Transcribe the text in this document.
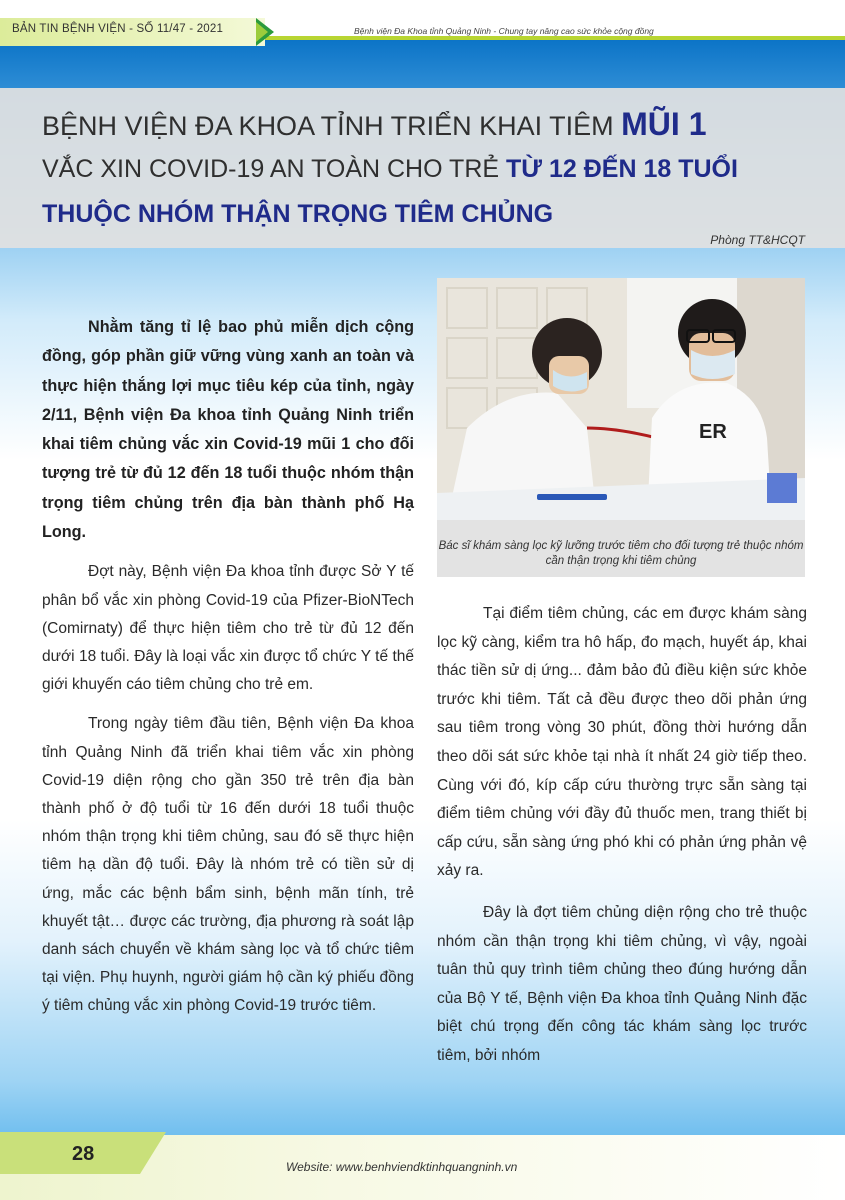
BẢN TIN BỆNH VIỆN - SỐ 11/47 - 2021	Bệnh viện Đa Khoa tỉnh Quảng Ninh - Chung tay nâng cao sức khỏe cộng đồng
BỆNH VIỆN ĐA KHOA TỈNH TRIỂN KHAI TIÊM MŨI 1
VẮC XIN COVID-19 AN TOÀN CHO TRẺ TỪ 12 ĐẾN 18 TUỔI
THUỘC NHÓM THẬN TRỌNG TIÊM CHỦNG
Phòng TT&HCQT

Nhằm tăng tỉ lệ bao phủ miễn dịch cộng đồng, góp phần giữ vững vùng xanh an toàn và thực hiện thắng lợi mục tiêu kép của tỉnh, ngày 2/11, Bệnh viện Đa khoa tỉnh Quảng Ninh triển khai tiêm chủng vắc xin Covid-19 mũi 1 cho đối tượng trẻ từ đủ 12 đến 18 tuổi thuộc nhóm thận trọng tiêm chủng trên địa bàn thành phố Hạ Long.

Đợt này, Bệnh viện Đa khoa tỉnh được Sở Y tế phân bổ vắc xin phòng Covid-19 của Pfizer-BioNTech (Comirnaty) để thực hiện tiêm cho trẻ từ đủ 12 đến dưới 18 tuổi. Đây là loại vắc xin được tổ chức Y tế thế giới khuyến cáo tiêm chủng cho trẻ em.

Trong ngày tiêm đầu tiên, Bệnh viện Đa khoa tỉnh Quảng Ninh đã triển khai tiêm vắc xin phòng Covid-19 diện rộng cho gần 350 trẻ trên địa bàn thành phố ở độ tuổi từ 16 đến dưới 18 tuổi thuộc nhóm thận trọng khi tiêm chủng, sau đó sẽ thực hiện tiêm hạ dần độ tuổi. Đây là nhóm trẻ có tiền sử dị ứng, mắc các bệnh bẩm sinh, bệnh mãn tính, trẻ khuyết tật… được các trường, địa phương rà soát lập danh sách chuyển về khám sàng lọc và tổ chức tiêm tại viện. Phụ huynh, người giám hộ cần ký phiếu đồng ý tiêm chủng vắc xin phòng Covid-19 trước tiêm.

ER
Bác sĩ khám sàng lọc kỹ lưỡng trước tiêm cho đối tượng trẻ thuộc nhóm cần thận trọng khi tiêm chủng

Tại điểm tiêm chủng, các em được khám sàng lọc kỹ càng, kiểm tra hô hấp, đo mạch, huyết áp, khai thác tiền sử dị ứng... đảm bảo đủ điều kiện sức khỏe trước khi tiêm. Tất cả đều được theo dõi phản ứng sau tiêm trong vòng 30 phút, đồng thời hướng dẫn theo dõi sát sức khỏe tại nhà ít nhất 24 giờ tiếp theo. Cùng với đó, kíp cấp cứu thường trực sẵn sàng tại điểm tiêm chủng với đầy đủ thuốc men, trang thiết bị cấp cứu, sẵn sàng ứng phó khi có phản ứng phản vệ xảy ra.

Đây là đợt tiêm chủng diện rộng cho trẻ thuộc nhóm cần thận trọng khi tiêm chủng, vì vậy, ngoài tuân thủ quy trình tiêm chủng theo đúng hướng dẫn của Bộ Y tế, Bệnh viện Đa khoa tỉnh Quảng Ninh đặc biệt chú trọng đến công tác khám sàng lọc trước tiêm, bởi nhóm

28
Website: www.benhviendktinhquangninh.vn
